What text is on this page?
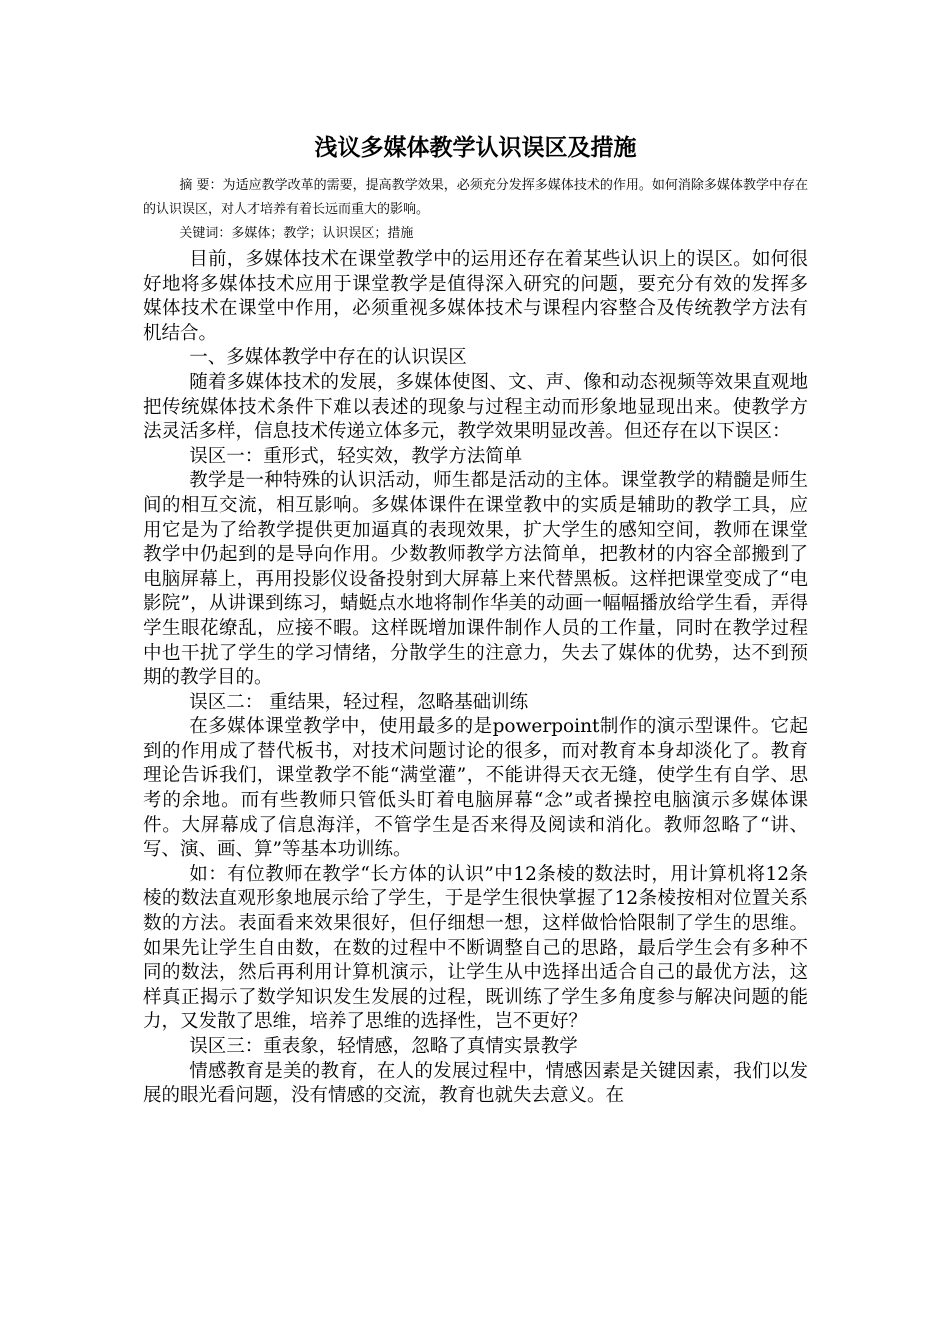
浅议多媒体教学认识误区及措施

摘 要：为适应教学改革的需要，提高教学效果，必须充分发挥多媒体技术的作用。如何消除多媒体教学中存在的认识误区，对人才培养有着长远而重大的影响。

关键词：多媒体；教学；认识误区；措施

目前，多媒体技术在课堂教学中的运用还存在着某些认识上的误区。如何很好地将多媒体技术应用于课堂教学是值得深入研究的问题，要充分有效的发挥多媒体技术在课堂中作用，必须重视多媒体技术与课程内容整合及传统教学方法有机结合。

一、多媒体教学中存在的认识误区

随着多媒体技术的发展，多媒体使图、文、声、像和动态视频等效果直观地把传统媒体技术条件下难以表述的现象与过程主动而形象地显现出来。使教学方法灵活多样，信息技术传递立体多元，教学效果明显改善。但还存在以下误区：

误区一：重形式，轻实效，教学方法简单

教学是一种特殊的认识活动，师生都是活动的主体。课堂教学的精髓是师生间的相互交流，相互影响。多媒体课件在课堂教中的实质是辅助的教学工具，应用它是为了给教学提供更加逼真的表现效果，扩大学生的感知空间，教师在课堂教学中仍起到的是导向作用。少数教师教学方法简单，把教材的内容全部搬到了电脑屏幕上，再用投影仪设备投射到大屏幕上来代替黑板。这样把课堂变成了“电影院”，从讲课到练习，蜻蜓点水地将制作华美的动画一幅幅播放给学生看，弄得学生眼花缭乱，应接不暇。这样既增加课件制作人员的工作量，同时在教学过程中也干扰了学生的学习情绪，分散学生的注意力，失去了媒体的优势，达不到预期的教学目的。

误区二： 重结果，轻过程，忽略基础训练

在多媒体课堂教学中，使用最多的是powerpoint制作的演示型课件。它起到的作用成了替代板书，对技术问题讨论的很多，而对教育本身却淡化了。教育理论告诉我们，课堂教学不能“满堂灌”，不能讲得天衣无缝，使学生有自学、思考的余地。而有些教师只管低头盯着电脑屏幕“念”或者操控电脑演示多媒体课件。大屏幕成了信息海洋，不管学生是否来得及阅读和消化。教师忽略了“讲、写、演、画、算”等基本功训练。

如：有位教师在教学“长方体的认识”中12条棱的数法时，用计算机将12条棱的数法直观形象地展示给了学生，于是学生很快掌握了12条棱按相对位置关系数的方法。表面看来效果很好，但仔细想一想，这样做恰恰限制了学生的思维。如果先让学生自由数，在数的过程中不断调整自己的思路，最后学生会有多种不同的数法，然后再利用计算机演示，让学生从中选择出适合自己的最优方法，这样真正揭示了数学知识发生发展的过程，既训练了学生多角度参与解决问题的能力，又发散了思维，培养了思维的选择性，岂不更好？

误区三：重表象，轻情感，忽略了真情实景教学

情感教育是美的教育，在人的发展过程中，情感因素是关键因素，我们以发展的眼光看问题，没有情感的交流，教育也就失去意义。在
